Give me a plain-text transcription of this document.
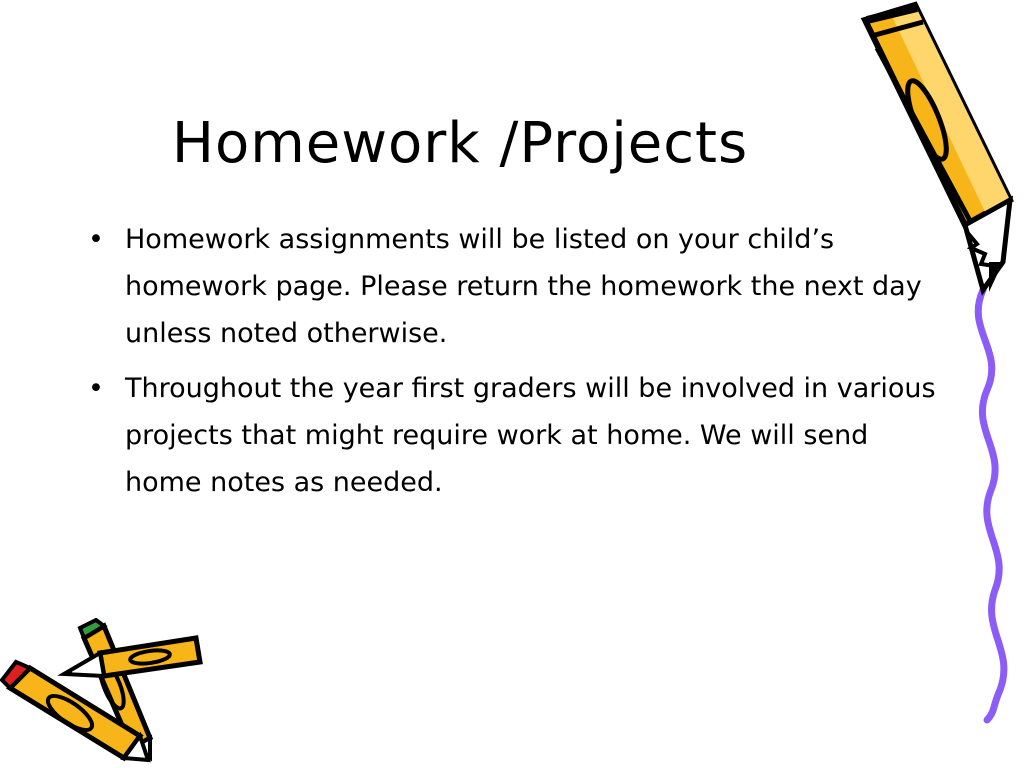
Homework /Projects
• Homework assignments will be listed on your child’s homework page. Please return the homework the next day unless noted otherwise.
• Throughout the year first graders will be involved in various projects that might require work at home. We will send home notes as needed.
